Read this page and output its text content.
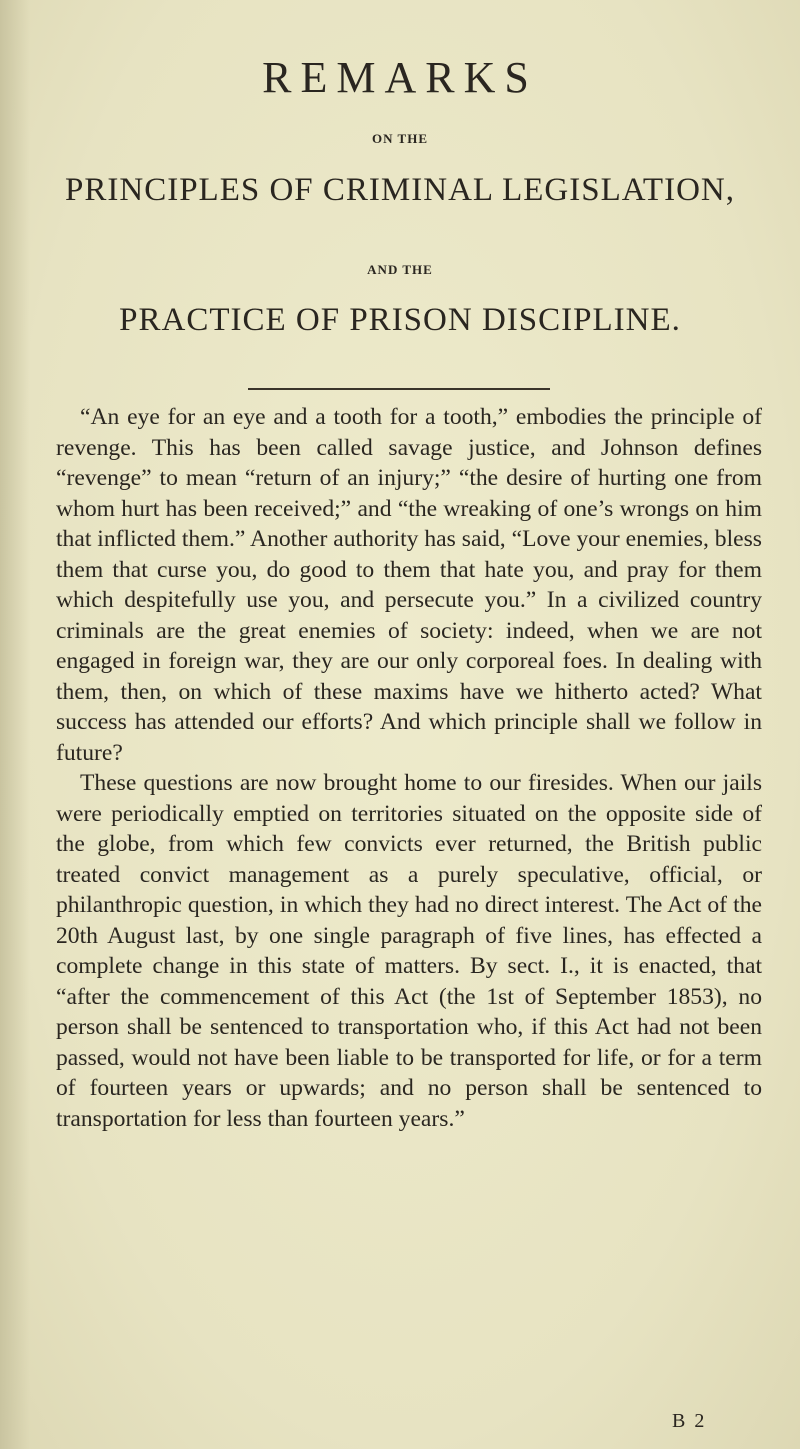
REMARKS
ON THE
PRINCIPLES OF CRIMINAL LEGISLATION,
AND THE
PRACTICE OF PRISON DISCIPLINE.

“An eye for an eye and a tooth for a tooth,” embodies the principle of revenge. This has been called savage justice, and Johnson defines “revenge” to mean “return of an injury;” “the desire of hurting one from whom hurt has been received;” and “the wreaking of one’s wrongs on him that inflicted them.” Another authority has said, “Love your enemies, bless them that curse you, do good to them that hate you, and pray for them which despitefully use you, and persecute you.” In a civilized country criminals are the great enemies of society: indeed, when we are not engaged in foreign war, they are our only corporeal foes. In dealing with them, then, on which of these maxims have we hitherto acted? What success has attended our efforts? And which principle shall we follow in future?

These questions are now brought home to our firesides. When our jails were periodically emptied on territories situated on the opposite side of the globe, from which few convicts ever returned, the British public treated convict management as a purely speculative, official, or philanthropic question, in which they had no direct interest. The Act of the 20th August last, by one single paragraph of five lines, has effected a complete change in this state of matters. By sect. I., it is enacted, that “after the commencement of this Act (the 1st of September 1853), no person shall be sentenced to transportation who, if this Act had not been passed, would not have been liable to be transported for life, or for a term of fourteen years or upwards; and no person shall be sentenced to transportation for less than fourteen years.”

B 2
